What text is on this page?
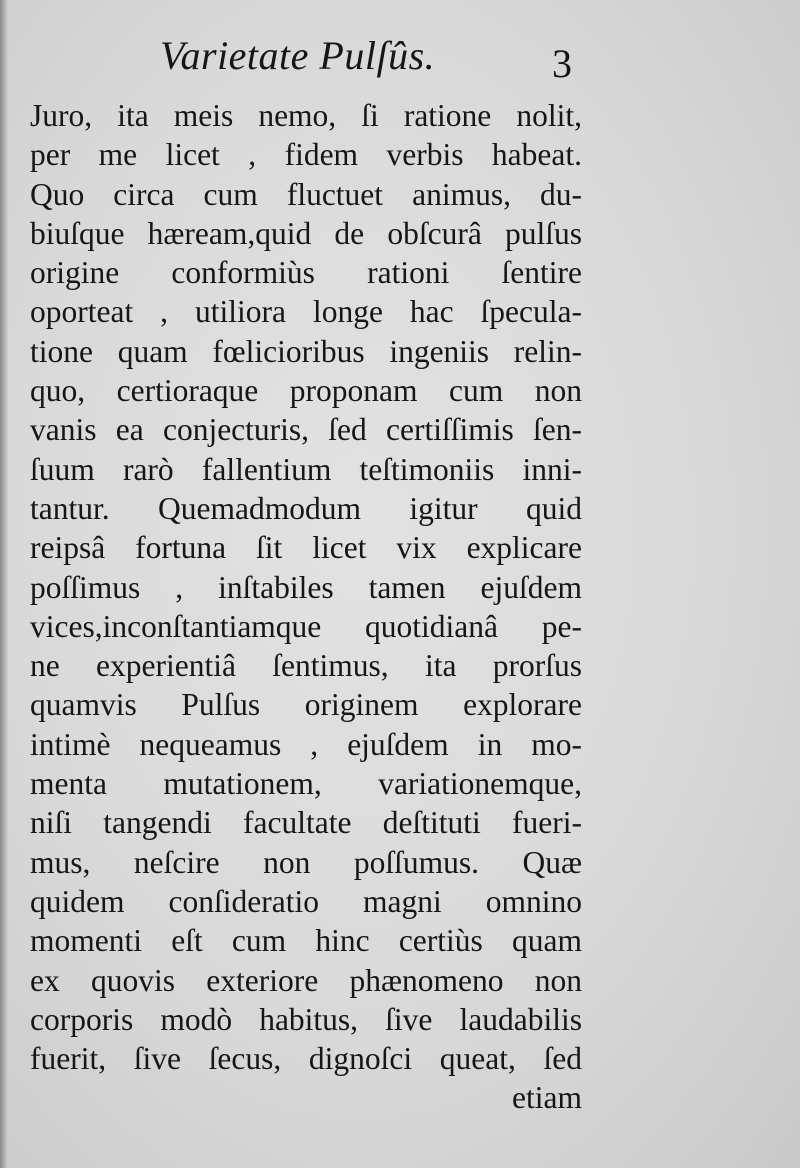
Varietate Pulſûs.	3
Juro, ita meis nemo, ſi ratione nolit,
per me licet , fidem verbis habeat.
Quo circa cum fluctuet animus, du-
biuſque hæream,quid de obſcurâ pulſus
origine conformiùs rationi ſentire
oporteat , utiliora longe hac ſpecula-
tione quam fœlicioribus ingeniis relin-
quo, certioraque proponam cum non
vanis ea conjecturis, ſed certiſſimis ſen-
ſuum rarò fallentium teſtimoniis inni-
tantur. Quemadmodum igitur quid
reipsâ fortuna ſit licet vix explicare
poſſimus , inſtabiles tamen ejuſdem
vices,inconſtantiamque quotidianâ pe-
ne experientiâ ſentimus, ita prorſus
quamvis Pulſus originem explorare
intimè nequeamus , ejuſdem in mo-
menta mutationem, variationemque,
niſi tangendi facultate deſtituti fueri-
mus, neſcire non poſſumus. Quæ
quidem conſideratio magni omnino
momenti eſt cum hinc certiùs quam
ex quovis exteriore phænomeno non
corporis modò habitus, ſive laudabilis
fuerit, ſive ſecus, dignoſci queat, ſed
etiam
